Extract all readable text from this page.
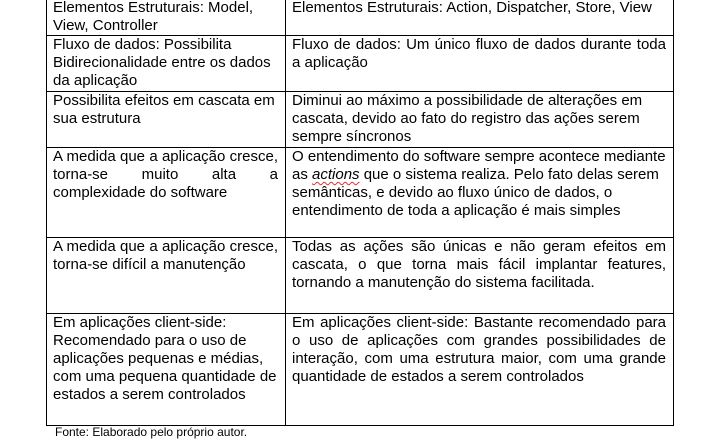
Elementos Estruturais: Model, View, Controller	Elementos Estruturais: Action, Dispatcher, Store, View
Fluxo de dados: Possibilita Bidirecionalidade entre os dados da aplicação	Fluxo de dados: Um único fluxo de dados durante toda a aplicação
Possibilita efeitos em cascata em sua estrutura	Diminui ao máximo a possibilidade de alterações em cascata, devido ao fato do registro das ações serem sempre síncronos
A medida que a aplicação cresce, torna-se muito alta a complexidade do software	O entendimento do software sempre acontece mediante as actions que o sistema realiza. Pelo fato delas serem semânticas, e devido ao fluxo único de dados, o entendimento de toda a aplicação é mais simples
A medida que a aplicação cresce, torna-se difícil a manutenção	Todas as ações são únicas e não geram efeitos em cascata, o que torna mais fácil implantar features, tornando a manutenção do sistema facilitada.
Em aplicações client-side: Recomendado para o uso de aplicações pequenas e médias, com uma pequena quantidade de estados a serem controlados	Em aplicações client-side: Bastante recomendado para o uso de aplicações com grandes possibilidades de interação, com uma estrutura maior, com uma grande quantidade de estados a serem controlados
Fonte: Elaborado pelo próprio autor.
